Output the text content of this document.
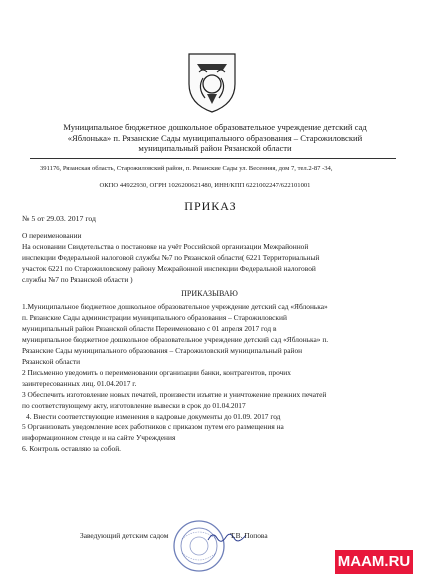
Муниципальное бюджетное дошкольное образовательное учреждение детский сад
«Яблонька» п. Рязанские Сады муниципального образования – Старожиловский
муниципальный район Рязанской области
391176, Рязанская область, Старожиловский район, п. Рязанские Сады ул. Весенняя, дом 7, тел.2-87 -34,
ОКПО 44922930, ОГРН 1026200621480, ИНН/КПП 6221002247/622101001
ПРИКАЗ
№ 5 от 29.03. 2017 год

О переименовании

На основании Свидетельства о постановке на учёт Российской организации Межрайонной

инспекции Федеральной налоговой службы №7 по Рязанской области( 6221 Территориальный

участок 6221 по Старожиловскому району Межрайонной инспекции Федеральной налоговой

службы №7 по Рязанской области )

ПРИКАЗЫВАЮ

1.Муниципальное бюджетное дошкольное образовательное учреждение детский сад «Яблонька»

п. Рязанские Сады администрации муниципального образования – Старожиловский

муниципальный район Рязанской области Переименовано с 01 апреля 2017 год в

муниципальное бюджетное дошкольное образовательное учреждение детский сад «Яблонька» п.

Рязанские Сады муниципального образования – Старожиловский муниципальный район

Рязанской области

2 Письменно уведомить о переименовании организации банки, контрагентов, прочих

заинтересованных лиц. 01.04.2017 г.

3 Обеспечить изготовление новых печатей, произвести изъятие и уничтожение прежних печатей

по соответствующему акту, изготовление вывески в срок до 01.04.2017

4. Внести соответствующие изменения в кадровые документы до 01.09. 2017 год

5 Организовать уведомление всех работников с приказом путем его размещения на

информационном стенде и на сайте Учреждения

6. Контроль оставляю за собой.

Заведующий детским садом	Т.В. Попова
MAAM.RU
